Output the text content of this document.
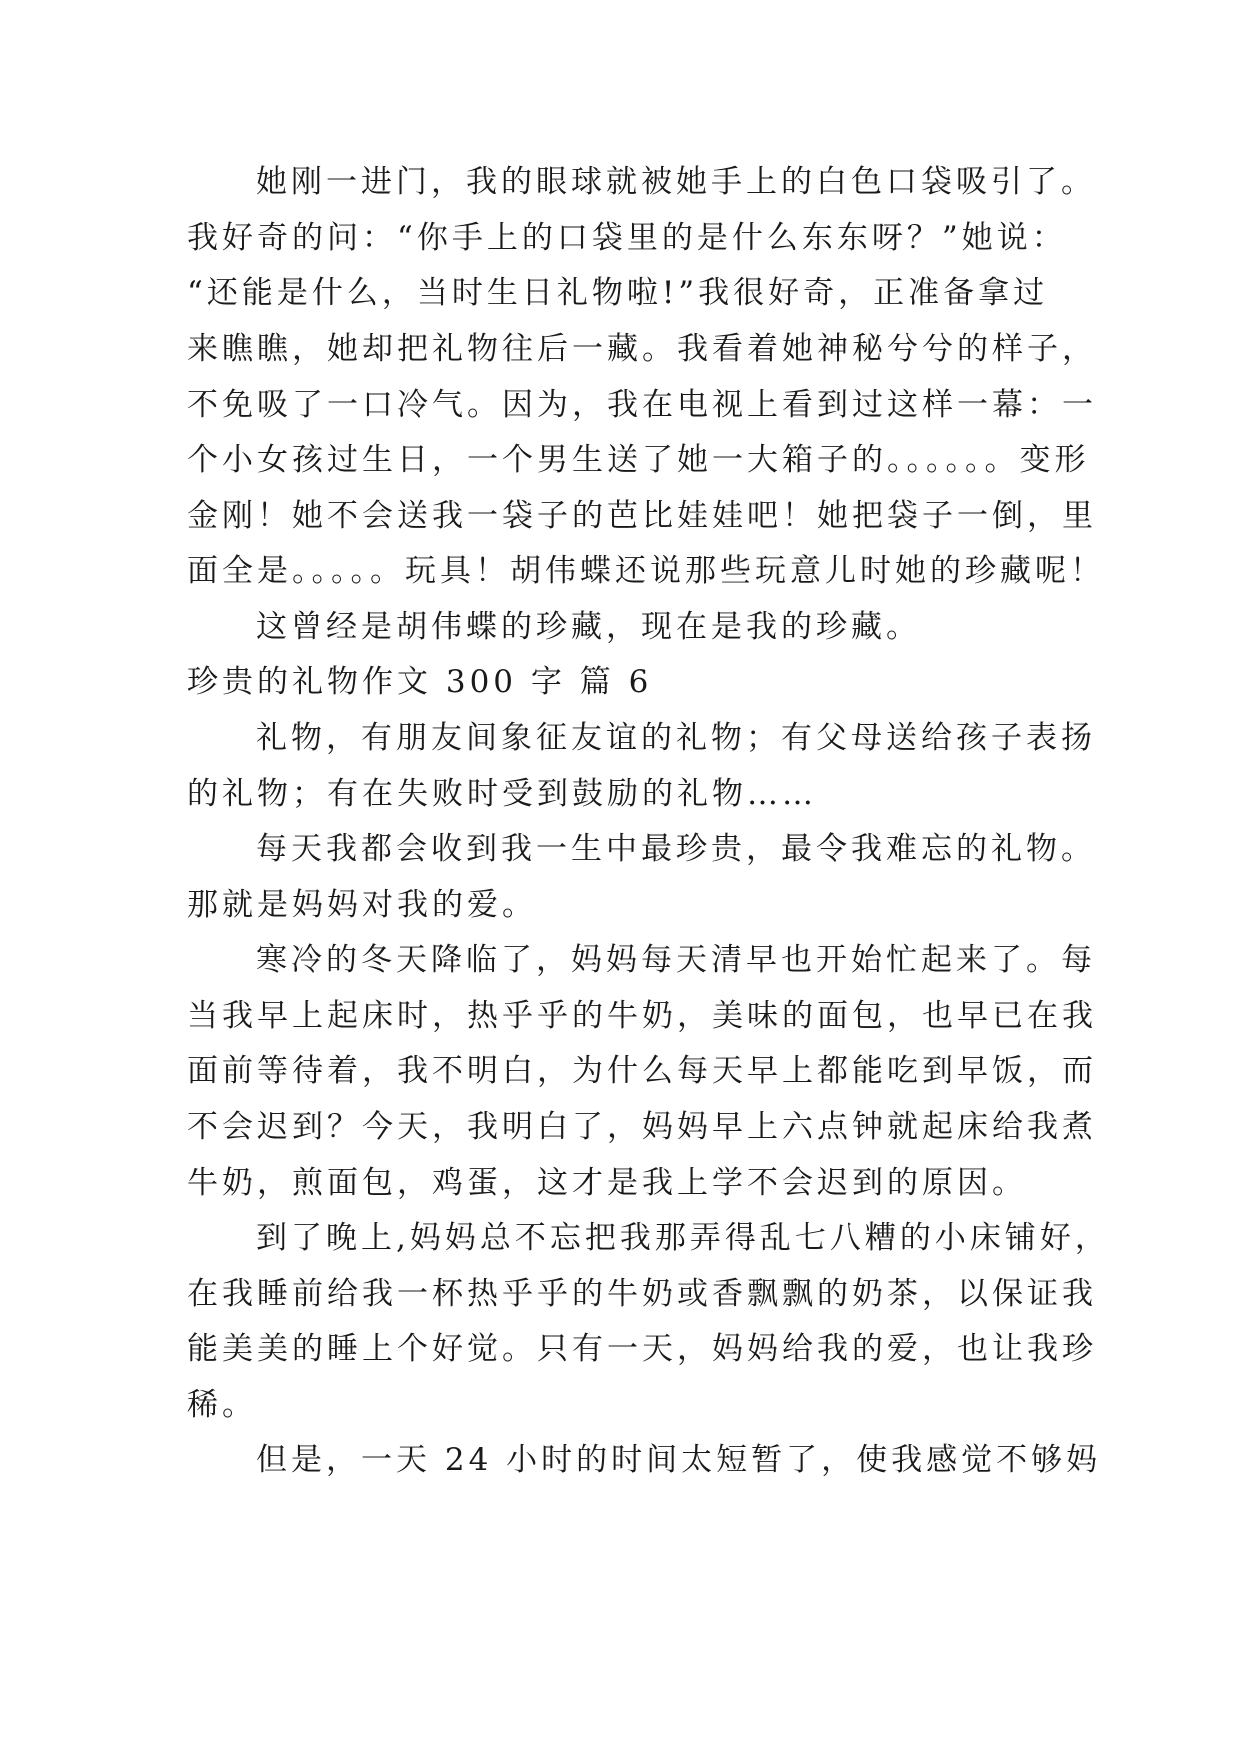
她刚一进门，我的眼球就被她手上的白色口袋吸引了。
我好奇的问：“你手上的口袋里的是什么东东呀？”她说：
“还能是什么，当时生日礼物啦!”我很好奇，正准备拿过
来瞧瞧，她却把礼物往后一藏。我看着她神秘兮兮的样子，
不免吸了一口冷气。因为，我在电视上看到过这样一幕：一
个小女孩过生日，一个男生送了她一大箱子的。。。。。。变形
金刚！她不会送我一袋子的芭比娃娃吧！她把袋子一倒，里
面全是。。。。。玩具！胡伟蝶还说那些玩意儿时她的珍藏呢！
这曾经是胡伟蝶的珍藏，现在是我的珍藏。
珍贵的礼物作文 300 字 篇 6
礼物，有朋友间象征友谊的礼物；有父母送给孩子表扬
的礼物；有在失败时受到鼓励的礼物……
每天我都会收到我一生中最珍贵，最令我难忘的礼物。
那就是妈妈对我的爱。
寒冷的冬天降临了，妈妈每天清早也开始忙起来了。每
当我早上起床时，热乎乎的牛奶，美味的面包，也早已在我
面前等待着，我不明白，为什么每天早上都能吃到早饭，而
不会迟到？今天，我明白了，妈妈早上六点钟就起床给我煮
牛奶，煎面包，鸡蛋，这才是我上学不会迟到的原因。
到了晚上,妈妈总不忘把我那弄得乱七八糟的小床铺好，
在我睡前给我一杯热乎乎的牛奶或香飘飘的奶茶，以保证我
能美美的睡上个好觉。只有一天，妈妈给我的爱，也让我珍
稀。
但是，一天 24 小时的时间太短暂了，使我感觉不够妈
